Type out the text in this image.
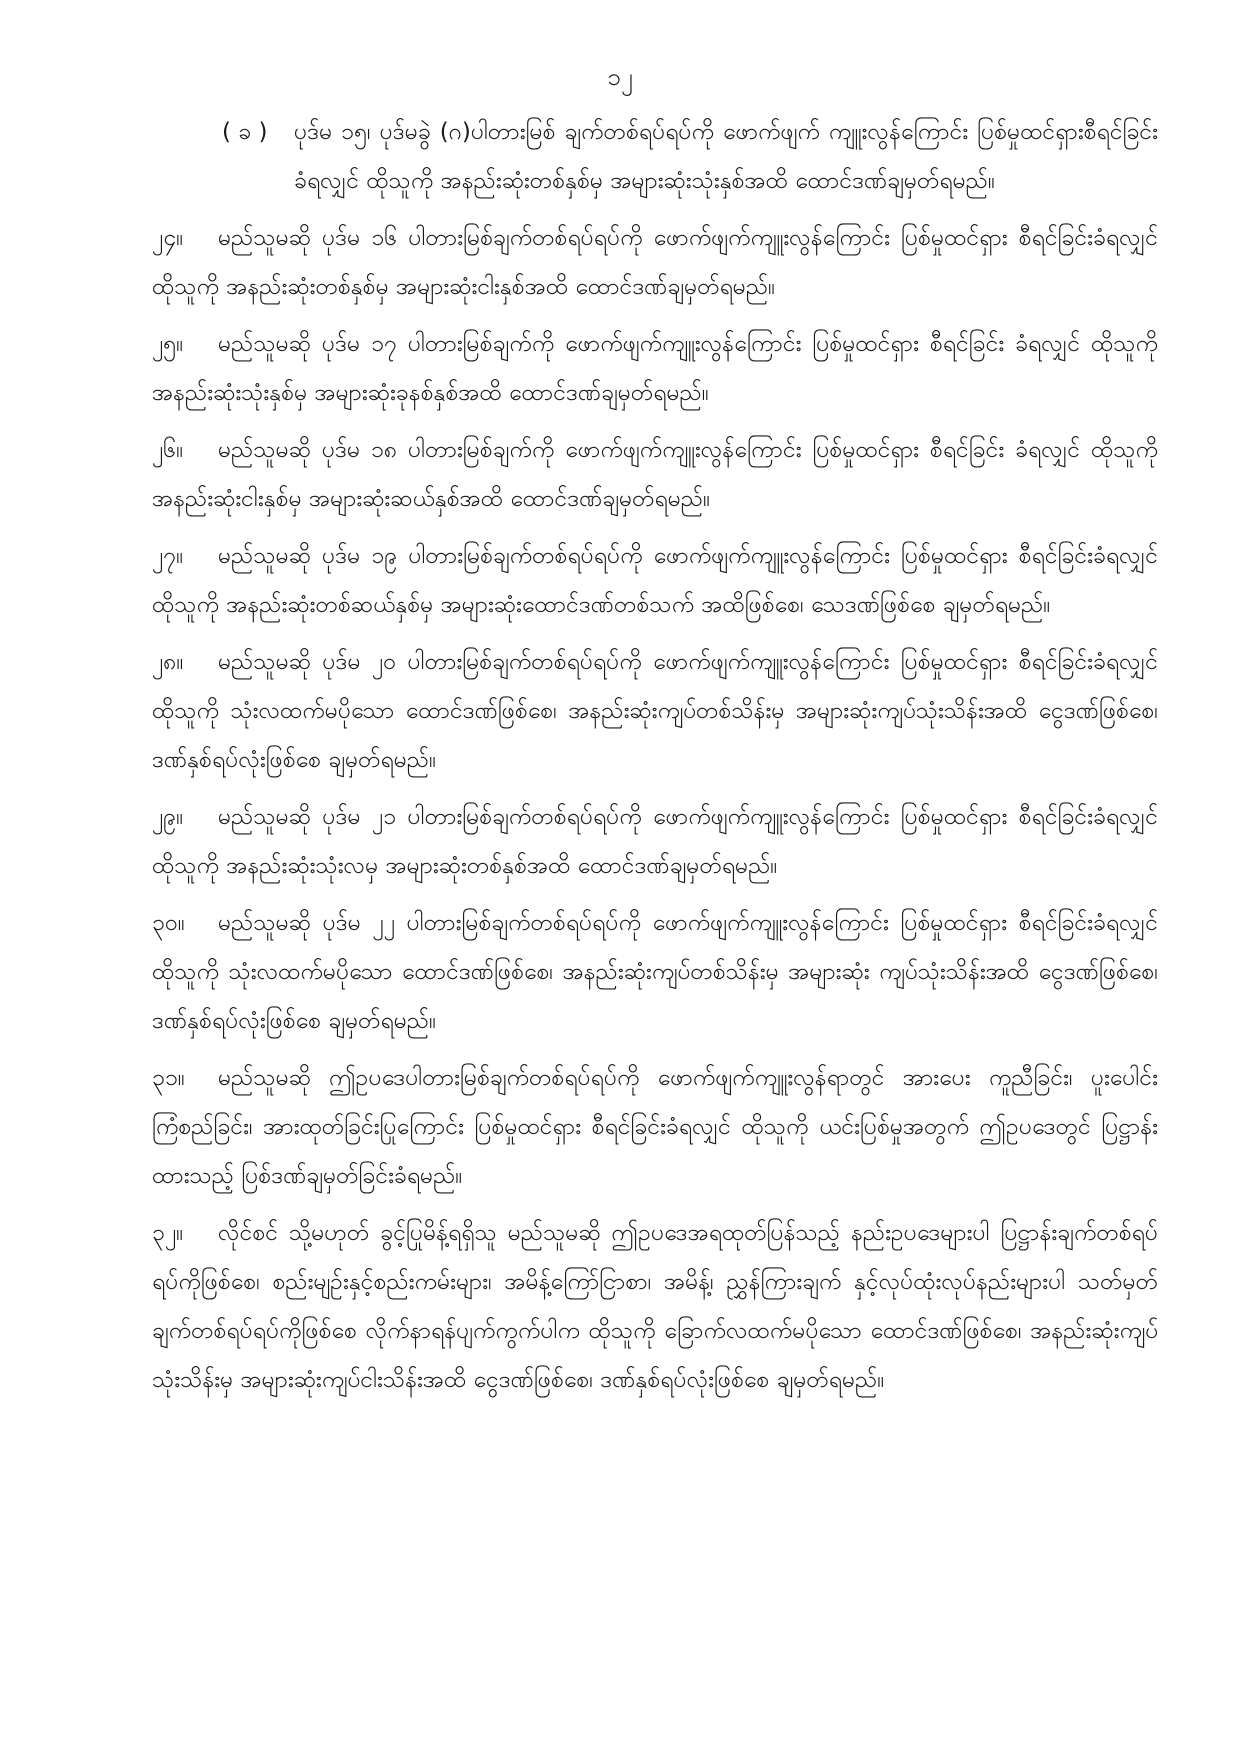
၁၂
( ခ )	ပုဒ်မ ၁၅၊ ပုဒ်မခွဲ (ဂ)ပါတားမြစ် ချက်တစ်ရပ်ရပ်ကို ဖောက်ဖျက် ကျူးလွန်ကြောင်း ပြစ်မှုထင်ရှားစီရင်ခြင်းခံရလျှင် ထိုသူကို အနည်းဆုံးတစ်နှစ်မှ အများဆုံးသုံးနှစ်အထိ ထောင်ဒဏ်ချမှတ်ရမည်။
၂၄။ မည်သူမဆို ပုဒ်မ ၁၆ ပါတားမြစ်ချက်တစ်ရပ်ရပ်ကို ဖောက်ဖျက်ကျူးလွန်ကြောင်း ပြစ်မှုထင်ရှား စီရင်ခြင်းခံရလျှင် ထိုသူကို အနည်းဆုံးတစ်နှစ်မှ အများဆုံးငါးနှစ်အထိ ထောင်ဒဏ်ချမှတ်ရမည်။
၂၅။ မည်သူမဆို ပုဒ်မ ၁၇ ပါတားမြစ်ချက်ကို ဖောက်ဖျက်ကျူးလွန်ကြောင်း ပြစ်မှုထင်ရှား စီရင်ခြင်း ခံရလျှင် ထိုသူကိုအနည်းဆုံးသုံးနှစ်မှ အများဆုံးခုနစ်နှစ်အထိ ထောင်ဒဏ်ချမှတ်ရမည်။
၂၆။ မည်သူမဆို ပုဒ်မ ၁၈ ပါတားမြစ်ချက်ကို ဖောက်ဖျက်ကျူးလွန်ကြောင်း ပြစ်မှုထင်ရှား စီရင်ခြင်း ခံရလျှင် ထိုသူကို အနည်းဆုံးငါးနှစ်မှ အများဆုံးဆယ်နှစ်အထိ ထောင်ဒဏ်ချမှတ်ရမည်။
၂၇။ မည်သူမဆို ပုဒ်မ ၁၉ ပါတားမြစ်ချက်တစ်ရပ်ရပ်ကို ဖောက်ဖျက်ကျူးလွန်ကြောင်း ပြစ်မှုထင်ရှား စီရင်ခြင်းခံရလျှင် ထိုသူကို အနည်းဆုံးတစ်ဆယ်နှစ်မှ အများဆုံးထောင်ဒဏ်တစ်သက် အထိဖြစ်စေ၊ သေဒဏ်ဖြစ်စေ ချမှတ်ရမည်။
၂၈။ မည်သူမဆို ပုဒ်မ ၂၀ ပါတားမြစ်ချက်တစ်ရပ်ရပ်ကို ဖောက်ဖျက်ကျူးလွန်ကြောင်း ပြစ်မှုထင်ရှား စီရင်ခြင်းခံရလျှင် ထိုသူကို သုံးလထက်မပိုသော ထောင်ဒဏ်ဖြစ်စေ၊ အနည်းဆုံးကျပ်တစ်သိန်းမှ အများဆုံးကျပ်သုံးသိန်းအထိ ငွေဒဏ်ဖြစ်စေ၊ ဒဏ်နှစ်ရပ်လုံးဖြစ်စေ ချမှတ်ရမည်။
၂၉။ မည်သူမဆို ပုဒ်မ ၂၁ ပါတားမြစ်ချက်တစ်ရပ်ရပ်ကို ဖောက်ဖျက်ကျူးလွန်ကြောင်း ပြစ်မှုထင်ရှား စီရင်ခြင်းခံရလျှင် ထိုသူကို အနည်းဆုံးသုံးလမှ အများဆုံးတစ်နှစ်အထိ ထောင်ဒဏ်ချမှတ်ရမည်။
၃၀။ မည်သူမဆို ပုဒ်မ ၂၂ ပါတားမြစ်ချက်တစ်ရပ်ရပ်ကို ဖောက်ဖျက်ကျူးလွန်ကြောင်း ပြစ်မှုထင်ရှား စီရင်ခြင်းခံရလျှင် ထိုသူကို သုံးလထက်မပိုသော ထောင်ဒဏ်ဖြစ်စေ၊ အနည်းဆုံးကျပ်တစ်သိန်းမှ အများဆုံး ကျပ်သုံးသိန်းအထိ ငွေဒဏ်ဖြစ်စေ၊ ဒဏ်နှစ်ရပ်လုံးဖြစ်စေ ချမှတ်ရမည်။
၃၁။ မည်သူမဆို ဤဥပဒေပါတားမြစ်ချက်တစ်ရပ်ရပ်ကို ဖောက်ဖျက်ကျူးလွန်ရာတွင် အားပေး ကူညီခြင်း၊ ပူးပေါင်းကြံစည်ခြင်း၊ အားထုတ်ခြင်းပြုကြောင်း ပြစ်မှုထင်ရှား စီရင်ခြင်းခံရလျှင် ထိုသူကို ယင်းပြစ်မှုအတွက် ဤဥပဒေတွင် ပြဋ္ဌာန်းထားသည့် ပြစ်ဒဏ်ချမှတ်ခြင်းခံရမည်။
၃၂။ လိုင်စင် သို့မဟုတ် ခွင့်ပြုမိန့်ရရှိသူ မည်သူမဆို ဤဥပဒေအရထုတ်ပြန်သည့် နည်းဥပဒေများပါ ပြဋ္ဌာန်းချက်တစ်ရပ်ရပ်ကိုဖြစ်စေ၊ စည်းမျဉ်းနှင့်စည်းကမ်းများ၊ အမိန့်ကြော်ငြာစာ၊ အမိန့်၊ ညွှန်ကြားချက် နှင့်လုပ်ထုံးလုပ်နည်းများပါ သတ်မှတ်ချက်တစ်ရပ်ရပ်ကိုဖြစ်စေ လိုက်နာရန်ပျက်ကွက်ပါက ထိုသူကို ခြောက်လထက်မပိုသော ထောင်ဒဏ်ဖြစ်စေ၊ အနည်းဆုံးကျပ်သုံးသိန်းမှ အများဆုံးကျပ်ငါးသိန်းအထိ ငွေဒဏ်ဖြစ်စေ၊ ဒဏ်နှစ်ရပ်လုံးဖြစ်စေ ချမှတ်ရမည်။
